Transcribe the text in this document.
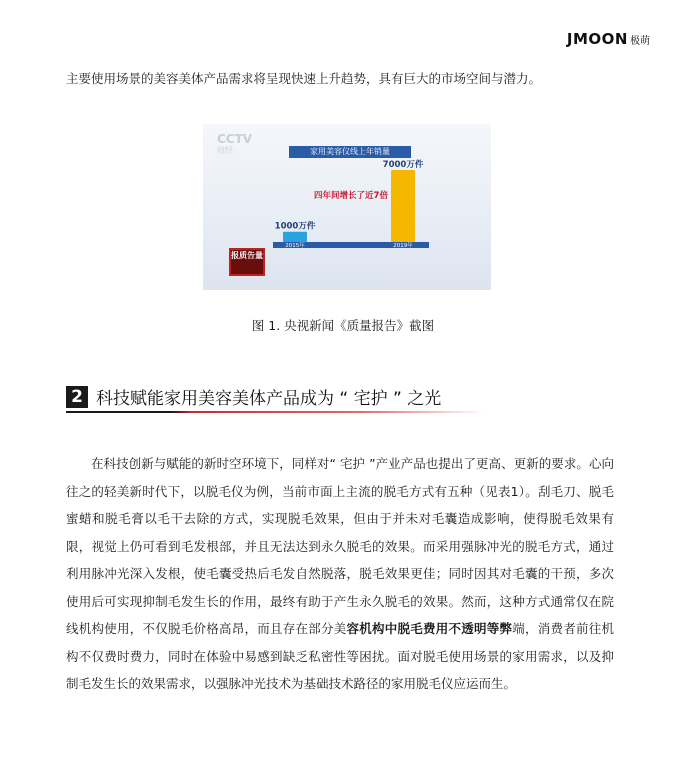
JMOON 极萌

主要使用场景的美容美体产品需求将呈现快速上升趋势，具有巨大的市场空间与潜力。

1000万件
2015年
7000万件
2019年
四年间增长了近7倍
CCTV
财经	家用美容仪线上年销量
报质告量
图 1. 央视新闻《质量报告》截图
2 科技赋能家用美容美体产品成为 “ 宅护 ” 之光

在科技创新与赋能的新时空环境下，同样对“ 宅护 ”产业产品也提出了更高、更新的要求。心向往之的轻美新时代下，以脱毛仪为例，当前市面上主流的脱毛方式有五种（见表1）。刮毛刀、脱毛蜜蜡和脱毛膏以毛干去除的方式，实现脱毛效果，但由于并未对毛囊造成影响，使得脱毛效果有限，视觉上仍可看到毛发根部，并且无法达到永久脱毛的效果。而采用强脉冲光的脱毛方式，通过利用脉冲光深入发根，使毛囊受热后毛发自然脱落，脱毛效果更佳；同时因其对毛囊的干预，多次使用后可实现抑制毛发生长的作用，最终有助于产生永久脱毛的效果。然而，这种方式通常仅在院线机构使用，不仅脱毛价格高昂，而且存在部分美容机构中脱毛费用不透明等弊端，消费者前往机构不仅费时费力，同时在体验中易感到缺乏私密性等困扰。面对脱毛使用场景的家用需求，以及抑制毛发生长的效果需求，以强脉冲光技术为基础技术路径的家用脱毛仪应运而生。
